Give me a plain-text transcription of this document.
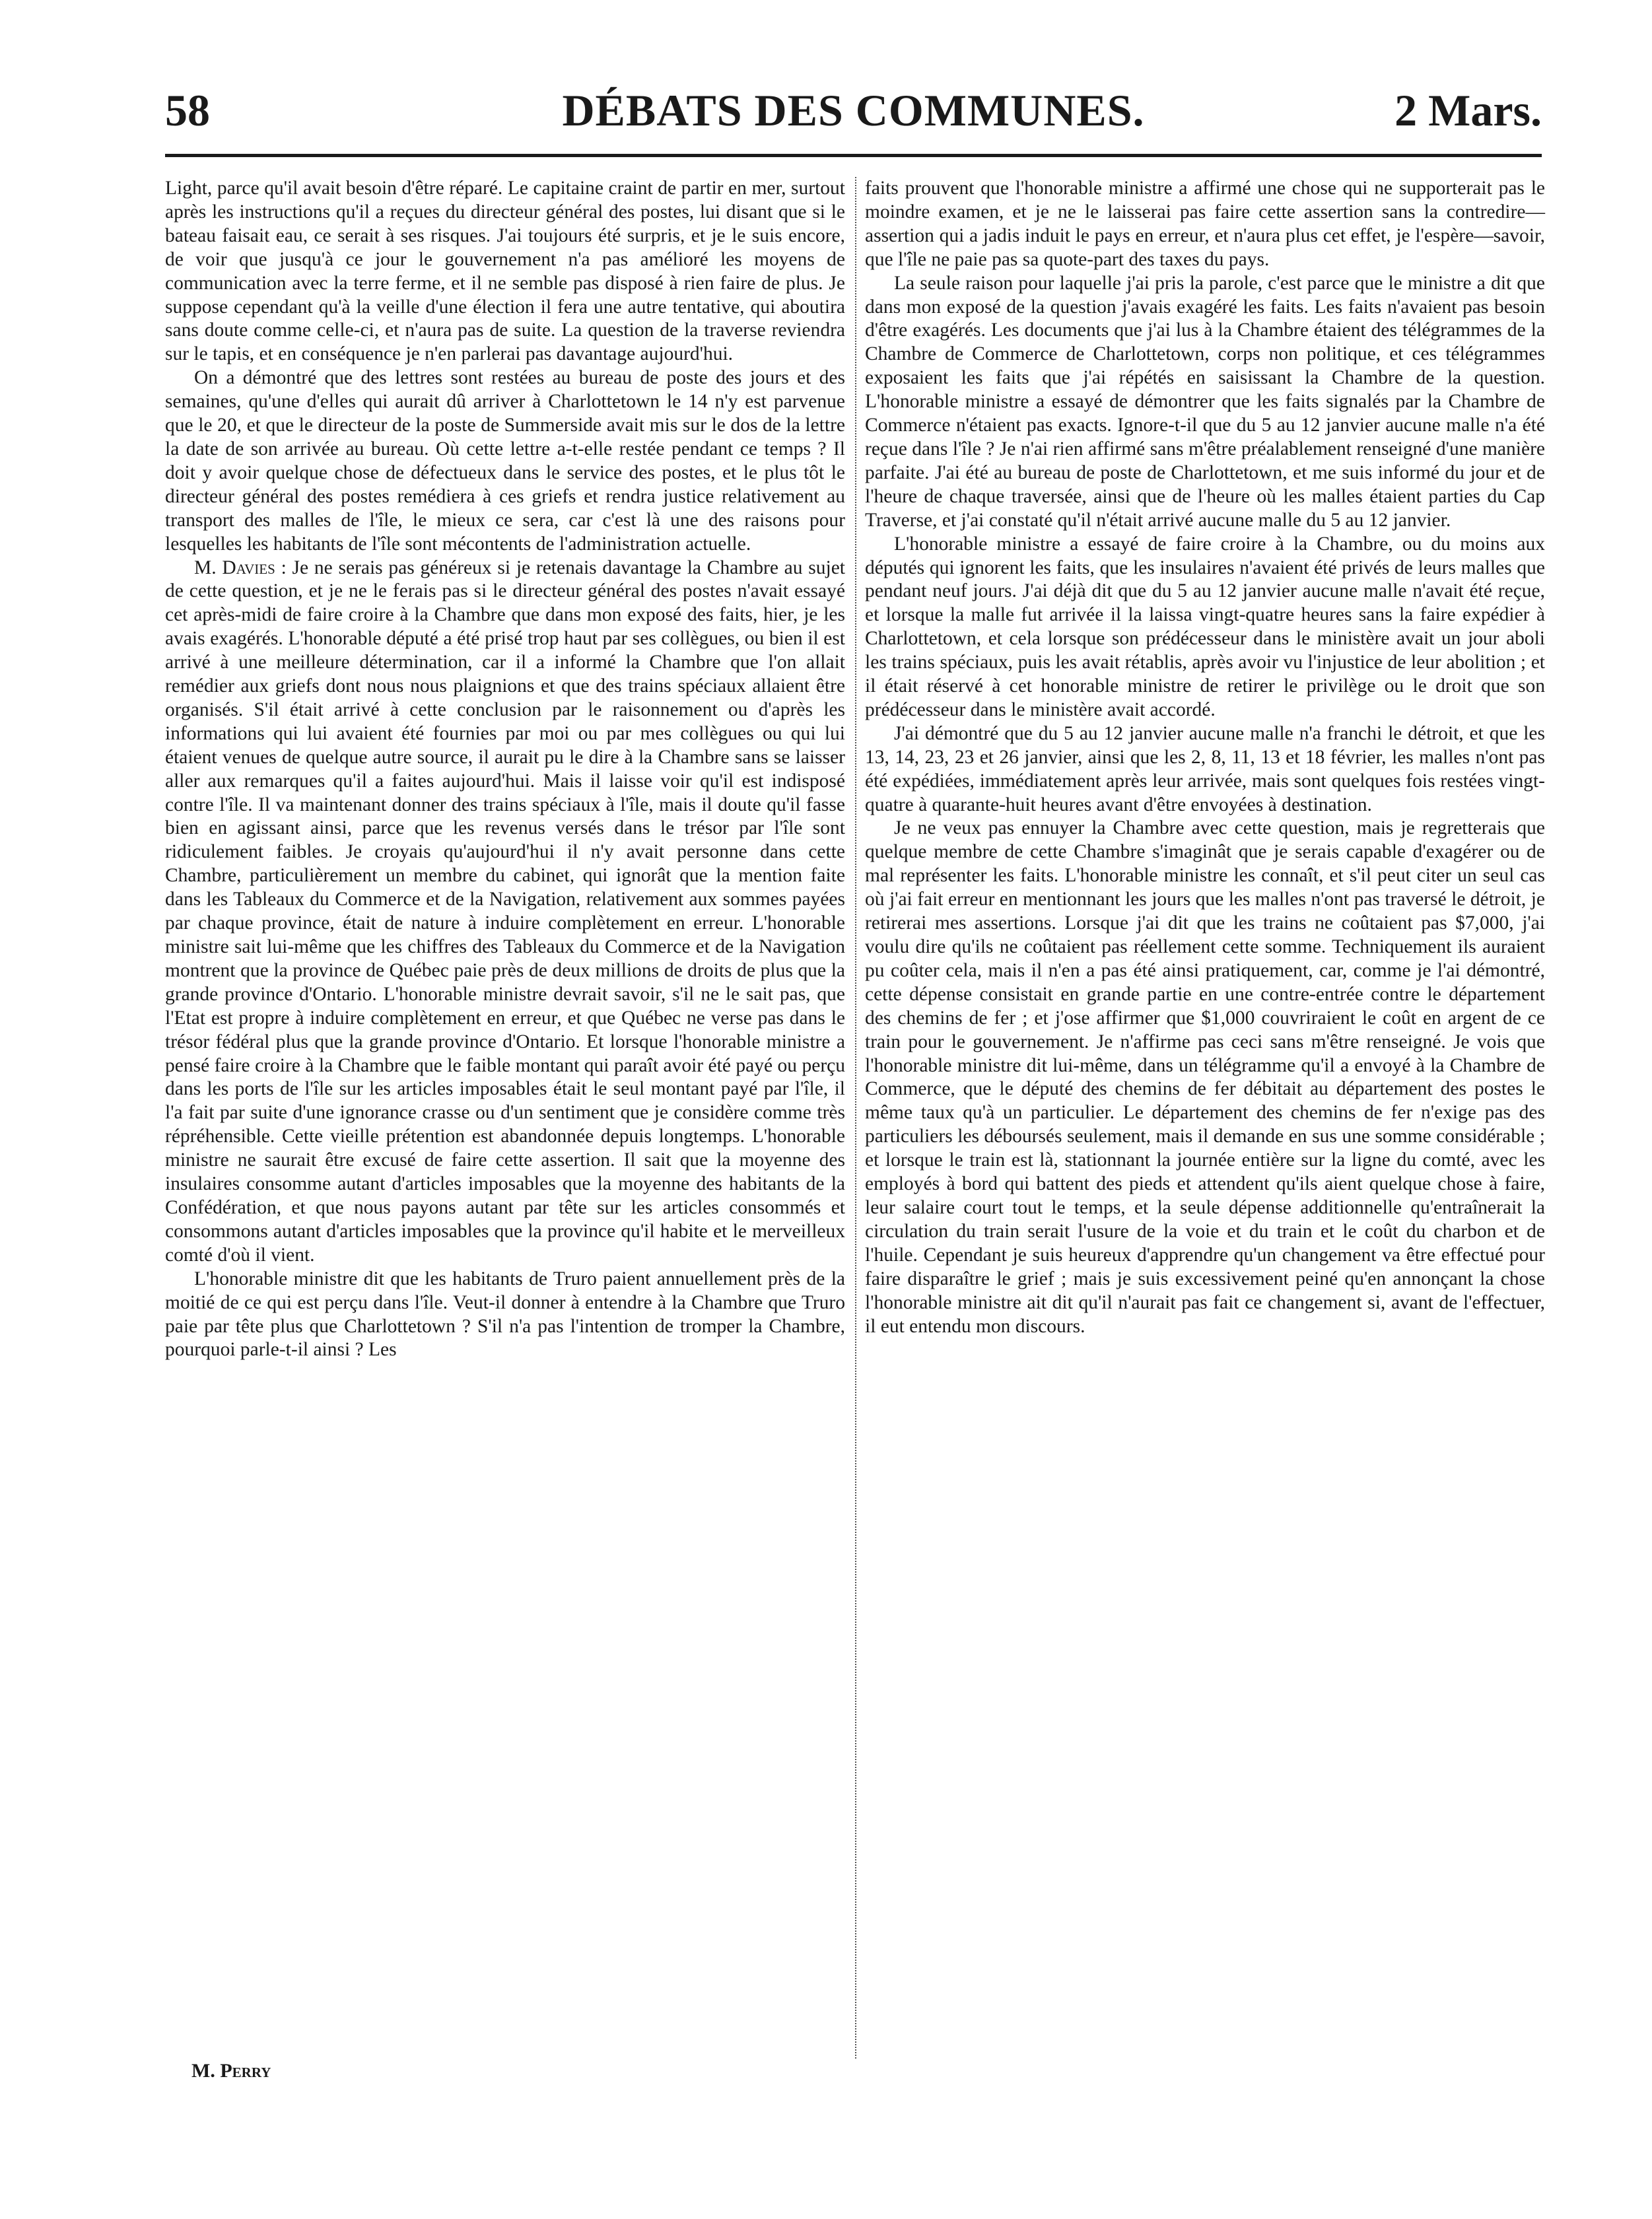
58	DÉBATS DES COMMUNES.	2 Mars.

Light, parce qu'il avait besoin d'être réparé. Le capitaine craint de partir en mer, surtout après les instructions qu'il a reçues du directeur général des postes, lui disant que si le bateau faisait eau, ce serait à ses risques. J'ai toujours été surpris, et je le suis encore, de voir que jusqu'à ce jour le gouvernement n'a pas amélioré les moyens de communication avec la terre ferme, et il ne semble pas disposé à rien faire de plus. Je suppose cependant qu'à la veille d'une élection il fera une autre tentative, qui aboutira sans doute comme celle-ci, et n'aura pas de suite. La question de la traverse reviendra sur le tapis, et en conséquence je n'en parlerai pas davantage aujourd'hui.

On a démontré que des lettres sont restées au bureau de poste des jours et des semaines, qu'une d'elles qui aurait dû arriver à Charlottetown le 14 n'y est parvenue que le 20, et que le directeur de la poste de Summerside avait mis sur le dos de la lettre la date de son arrivée au bureau. Où cette lettre a-t-elle restée pendant ce temps ? Il doit y avoir quelque chose de défectueux dans le service des postes, et le plus tôt le directeur général des postes remédiera à ces griefs et rendra justice relativement au transport des malles de l'île, le mieux ce sera, car c'est là une des raisons pour lesquelles les habitants de l'île sont mécontents de l'administration actuelle.

M. Davies : Je ne serais pas généreux si je retenais davantage la Chambre au sujet de cette question, et je ne le ferais pas si le directeur général des postes n'avait essayé cet après-midi de faire croire à la Chambre que dans mon exposé des faits, hier, je les avais exagérés. L'honorable député a été prisé trop haut par ses collègues, ou bien il est arrivé à une meilleure détermination, car il a informé la Chambre que l'on allait remédier aux griefs dont nous nous plaignions et que des trains spéciaux allaient être organisés. S'il était arrivé à cette conclusion par le raisonnement ou d'après les informations qui lui avaient été fournies par moi ou par mes collègues ou qui lui étaient venues de quelque autre source, il aurait pu le dire à la Chambre sans se laisser aller aux remarques qu'il a faites aujourd'hui. Mais il laisse voir qu'il est indisposé contre l'île. Il va maintenant donner des trains spéciaux à l'île, mais il doute qu'il fasse bien en agissant ainsi, parce que les revenus versés dans le trésor par l'île sont ridiculement faibles. Je croyais qu'aujourd'hui il n'y avait personne dans cette Chambre, particulièrement un membre du cabinet, qui ignorât que la mention faite dans les Tableaux du Commerce et de la Navigation, relativement aux sommes payées par chaque province, était de nature à induire complètement en erreur. L'honorable ministre sait lui-même que les chiffres des Tableaux du Commerce et de la Navigation montrent que la province de Québec paie près de deux millions de droits de plus que la grande province d'Ontario. L'honorable ministre devrait savoir, s'il ne le sait pas, que l'Etat est propre à induire complètement en erreur, et que Québec ne verse pas dans le trésor fédéral plus que la grande province d'Ontario. Et lorsque l'honorable ministre a pensé faire croire à la Chambre que le faible montant qui paraît avoir été payé ou perçu dans les ports de l'île sur les articles imposables était le seul montant payé par l'île, il l'a fait par suite d'une ignorance crasse ou d'un sentiment que je considère comme très répréhensible. Cette vieille prétention est abandonnée depuis longtemps. L'honorable ministre ne saurait être excusé de faire cette assertion. Il sait que la moyenne des insulaires consomme autant d'articles imposables que la moyenne des habitants de la Confédération, et que nous payons autant par tête sur les articles consommés et consommons autant d'articles imposables que la province qu'il habite et le merveilleux comté d'où il vient.

L'honorable ministre dit que les habitants de Truro paient annuellement près de la moitié de ce qui est perçu dans l'île. Veut-il donner à entendre à la Chambre que Truro paie par tête plus que Charlottetown ? S'il n'a pas l'intention de tromper la Chambre, pourquoi parle-t-il ainsi ? Les

faits prouvent que l'honorable ministre a affirmé une chose qui ne supporterait pas le moindre examen, et je ne le laisserai pas faire cette assertion sans la contredire—assertion qui a jadis induit le pays en erreur, et n'aura plus cet effet, je l'espère—savoir, que l'île ne paie pas sa quote-part des taxes du pays.

La seule raison pour laquelle j'ai pris la parole, c'est parce que le ministre a dit que dans mon exposé de la question j'avais exagéré les faits. Les faits n'avaient pas besoin d'être exagérés. Les documents que j'ai lus à la Chambre étaient des télégrammes de la Chambre de Commerce de Charlottetown, corps non politique, et ces télégrammes exposaient les faits que j'ai répétés en saisissant la Chambre de la question. L'honorable ministre a essayé de démontrer que les faits signalés par la Chambre de Commerce n'étaient pas exacts. Ignore-t-il que du 5 au 12 janvier aucune malle n'a été reçue dans l'île ? Je n'ai rien affirmé sans m'être préalablement renseigné d'une manière parfaite. J'ai été au bureau de poste de Charlottetown, et me suis informé du jour et de l'heure de chaque traversée, ainsi que de l'heure où les malles étaient parties du Cap Traverse, et j'ai constaté qu'il n'était arrivé aucune malle du 5 au 12 janvier.

L'honorable ministre a essayé de faire croire à la Chambre, ou du moins aux députés qui ignorent les faits, que les insulaires n'avaient été privés de leurs malles que pendant neuf jours. J'ai déjà dit que du 5 au 12 janvier aucune malle n'avait été reçue, et lorsque la malle fut arrivée il la laissa vingt-quatre heures sans la faire expédier à Charlottetown, et cela lorsque son prédécesseur dans le ministère avait un jour aboli les trains spéciaux, puis les avait rétablis, après avoir vu l'injustice de leur abolition ; et il était réservé à cet honorable ministre de retirer le privilège ou le droit que son prédécesseur dans le ministère avait accordé.

J'ai démontré que du 5 au 12 janvier aucune malle n'a franchi le détroit, et que les 13, 14, 23, 23 et 26 janvier, ainsi que les 2, 8, 11, 13 et 18 février, les malles n'ont pas été expédiées, immédiatement après leur arrivée, mais sont quelques fois restées vingt-quatre à quarante-huit heures avant d'être envoyées à destination.

Je ne veux pas ennuyer la Chambre avec cette question, mais je regretterais que quelque membre de cette Chambre s'imaginât que je serais capable d'exagérer ou de mal représenter les faits. L'honorable ministre les connaît, et s'il peut citer un seul cas où j'ai fait erreur en mentionnant les jours que les malles n'ont pas traversé le détroit, je retirerai mes assertions. Lorsque j'ai dit que les trains ne coûtaient pas $7,000, j'ai voulu dire qu'ils ne coûtaient pas réellement cette somme. Techniquement ils auraient pu coûter cela, mais il n'en a pas été ainsi pratiquement, car, comme je l'ai démontré, cette dépense consistait en grande partie en une contre-entrée contre le département des chemins de fer ; et j'ose affirmer que $1,000 couvriraient le coût en argent de ce train pour le gouvernement. Je n'affirme pas ceci sans m'être renseigné. Je vois que l'honorable ministre dit lui-même, dans un télégramme qu'il a envoyé à la Chambre de Commerce, que le député des chemins de fer débitait au département des postes le même taux qu'à un particulier. Le département des chemins de fer n'exige pas des particuliers les déboursés seulement, mais il demande en sus une somme considérable ; et lorsque le train est là, stationnant la journée entière sur la ligne du comté, avec les employés à bord qui battent des pieds et attendent qu'ils aient quelque chose à faire, leur salaire court tout le temps, et la seule dépense additionnelle qu'entraînerait la circulation du train serait l'usure de la voie et du train et le coût du charbon et de l'huile. Cependant je suis heureux d'apprendre qu'un changement va être effectué pour faire disparaître le grief ; mais je suis excessivement peiné qu'en annonçant la chose l'honorable ministre ait dit qu'il n'aurait pas fait ce changement si, avant de l'effectuer, il eut entendu mon discours.

M. Perry
